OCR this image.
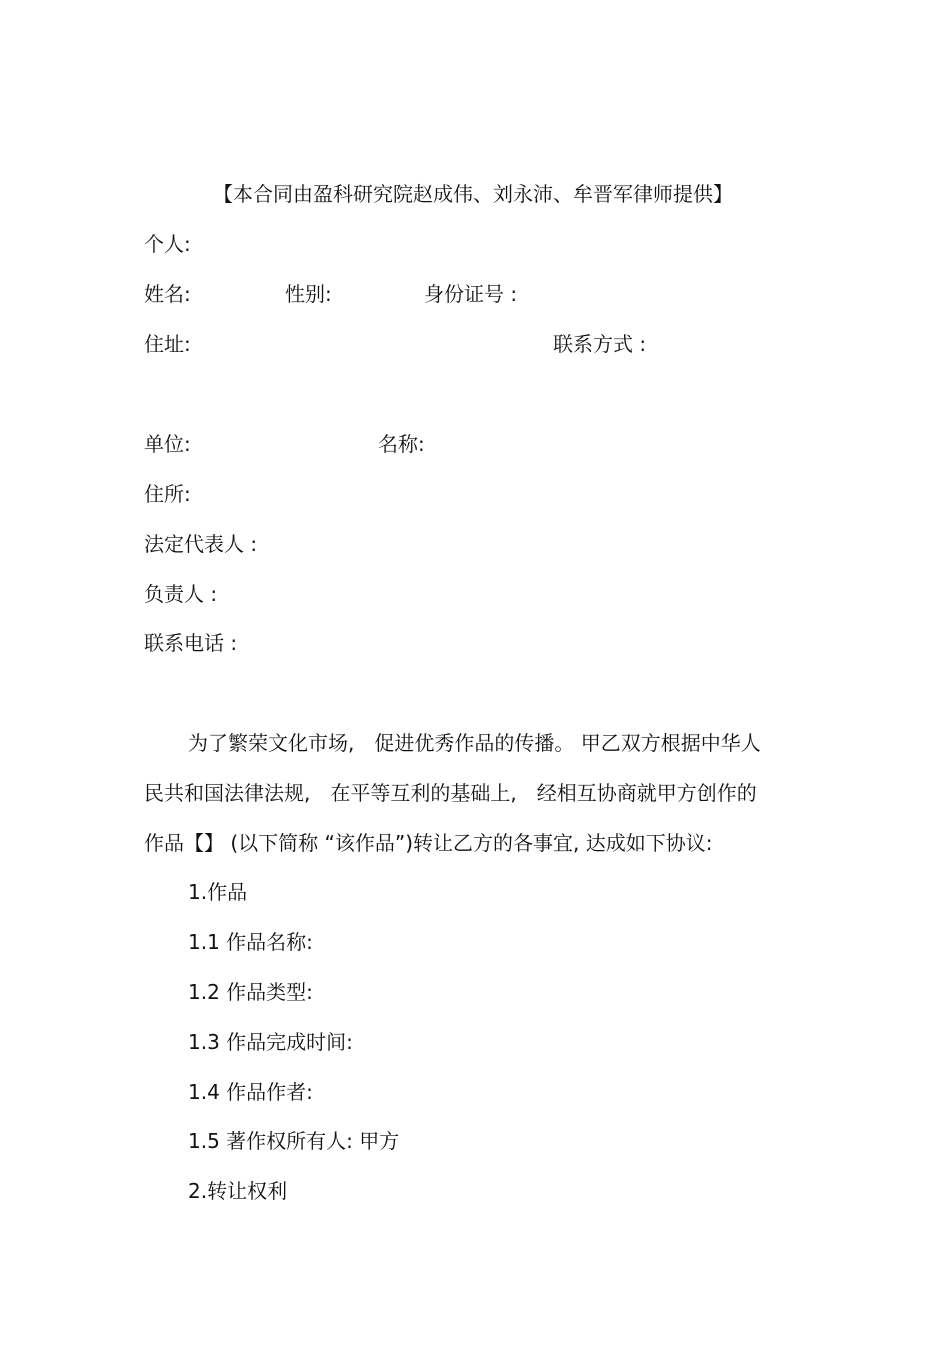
【本合同由盈科研究院赵成伟、刘永沛、牟晋军律师提供】
个人:
姓名:	性别:	身份证号 :
住址:	联系方式 :
单位:	名称:
住所:
法定代表人 :
负责人 :
联系电话 :
为了繁荣文化市场,　促进优秀作品的传播。 甲乙双方根据中华人
民共和国法律法规,　在平等互利的基础上,　经相互协商就甲方创作的
作品【】 (以下简称 “该作品”)转让乙方的各事宜, 达成如下协议:
1.作品
1.1 作品名称:
1.2 作品类型:
1.3 作品完成时间:
1.4 作品作者:
1.5 著作权所有人: 甲方
2.转让权利
